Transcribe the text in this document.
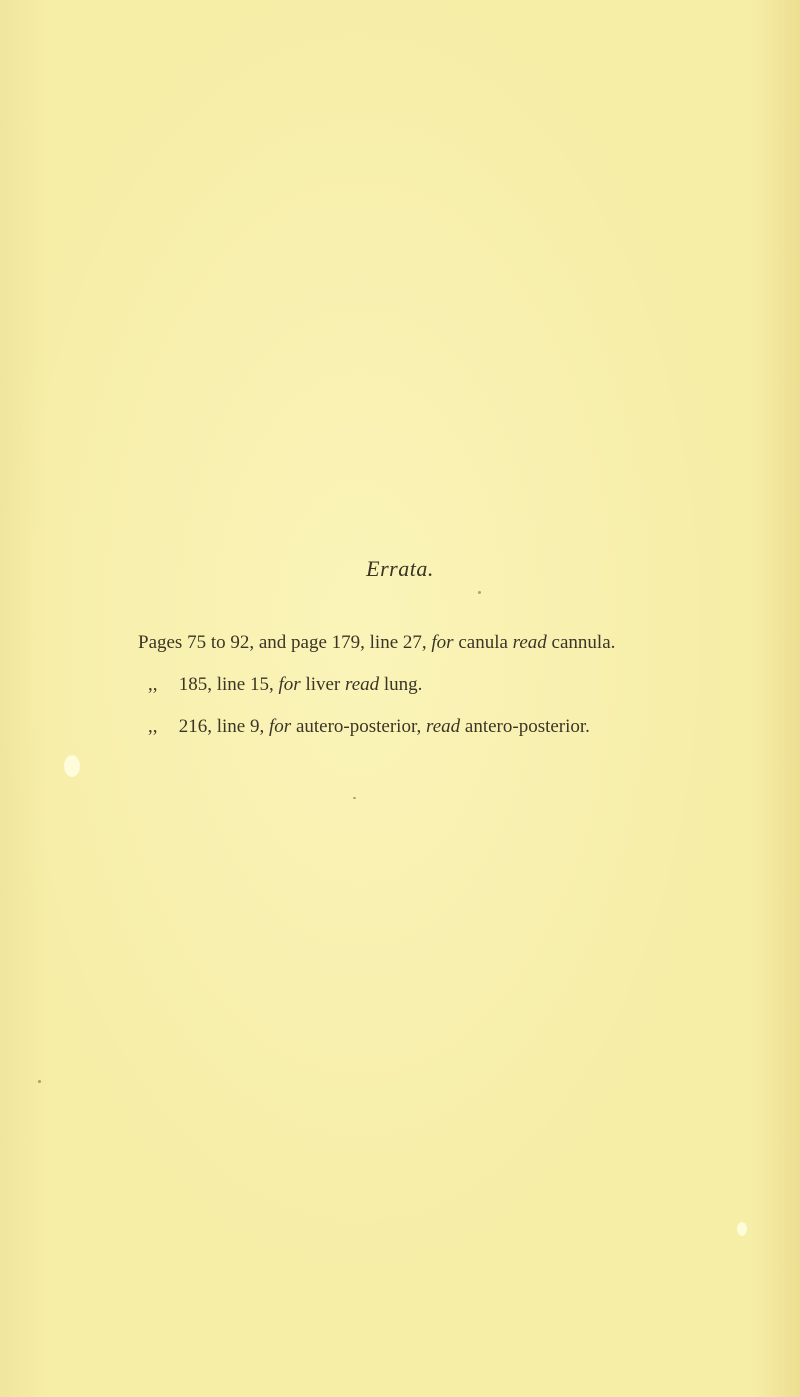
Errata.
Pages 75 to 92, and page 179, line 27, for canula read cannula.
,, 185, line 15, for liver read lung.
,, 216, line 9, for autero-posterior, read antero-posterior.
